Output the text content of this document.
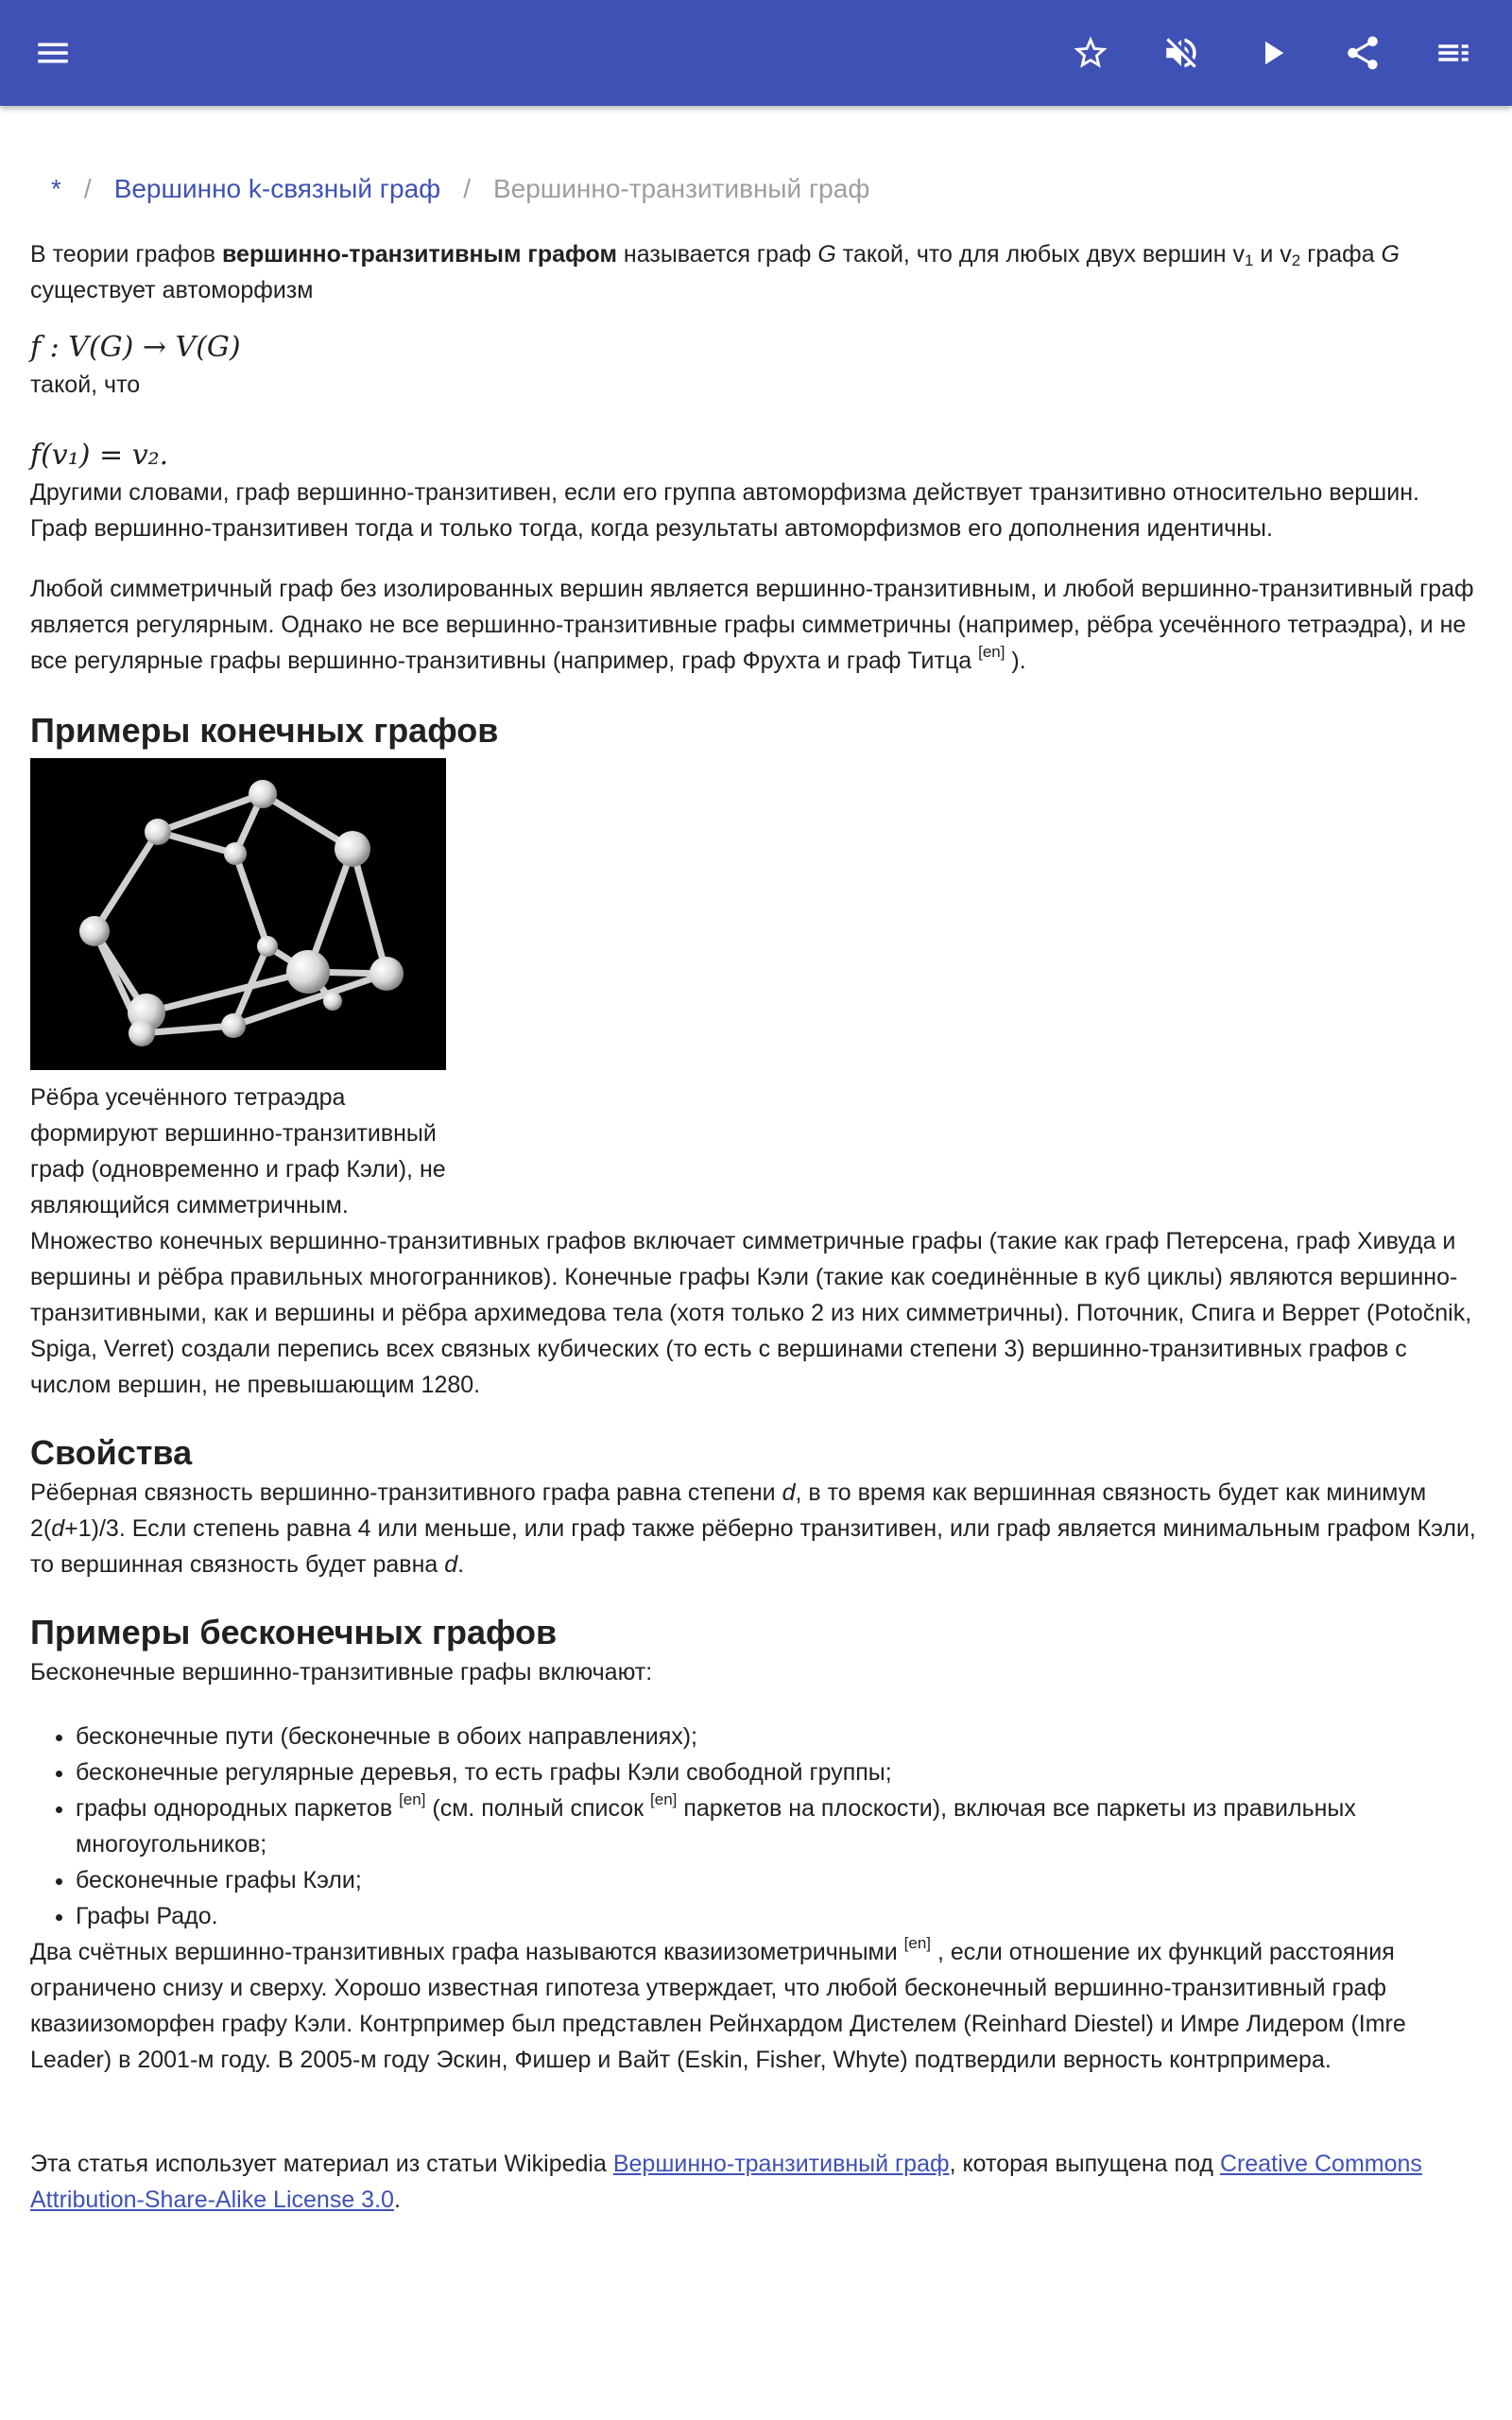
* / Вершинно k-связный граф / Вершинно-транзитивный граф

В теории графов вершинно-транзитивным графом называется граф G такой, что для любых двух вершин $v_1$ и $v_2$ графа G существует автоморфизм

f : V(G) → V(G)

такой, что

f(v₁) = v₂.

Другими словами, граф вершинно-транзитивен, если его группа автоморфизма действует транзитивно относительно вершин. Граф вершинно-транзитивен тогда и только тогда, когда результаты автоморфизмов его дополнения идентичны.

Любой симметричный граф без изолированных вершин является вершинно-транзитивным, и любой вершинно-транзитивный граф является регулярным. Однако не все вершинно-транзитивные графы симметричны (например, рёбра усечённого тетраэдра), и не все регулярные графы вершинно-транзитивны (например, граф Фрухта и граф Титца [en] ).

Примеры конечных графов
Рёбра усечённого тетраэдра формируют вершинно-транзитивный граф (одновременно и граф Кэли), не являющийся симметричным.

Множество конечных вершинно-транзитивных графов включает симметричные графы (такие как граф Петерсена, граф Хивуда и вершины и рёбра правильных многогранников). Конечные графы Кэли (такие как соединённые в куб циклы) являются вершинно-транзитивными, как и вершины и рёбра архимедова тела (хотя только 2 из них симметричны). Поточник, Спига и Веррет (Potočnik, Spiga, Verret) создали перепись всех связных кубических (то есть с вершинами степени 3) вершинно-транзитивных графов с числом вершин, не превышающим 1280.

Свойства

Рёберная связность вершинно-транзитивного графа равна степени d, в то время как вершинная связность будет как минимум 2(d+1)/3. Если степень равна 4 или меньше, или граф также рёберно транзитивен, или граф является минимальным графом Кэли, то вершинная связность будет равна d.

Примеры бесконечных графов

Бесконечные вершинно-транзитивные графы включают:

• бесконечные пути (бесконечные в обоих направлениях);
• бесконечные регулярные деревья, то есть графы Кэли свободной группы;
• графы однородных паркетов [en] (см. полный список [en] паркетов на плоскости), включая все паркеты из правильных многоугольников;
• бесконечные графы Кэли;
• Графы Радо.

Два счётных вершинно-транзитивных графа называются квазиизометричными [en] , если отношение их функций расстояния ограничено снизу и сверху. Хорошо известная гипотеза утверждает, что любой бесконечный вершинно-транзитивный граф квазиизоморфен графу Кэли. Контрпример был представлен Рейнхардом Дистелем (Reinhard Diestel) и Имре Лидером (Imre Leader) в 2001-м году. В 2005-м году Эскин, Фишер и Вайт (Eskin, Fisher, Whyte) подтвердили верность контрпримера.

Эта статья использует материал из статьи Wikipedia Вершинно-транзитивный граф, которая выпущена под Creative Commons Attribution-Share-Alike License 3.0.
